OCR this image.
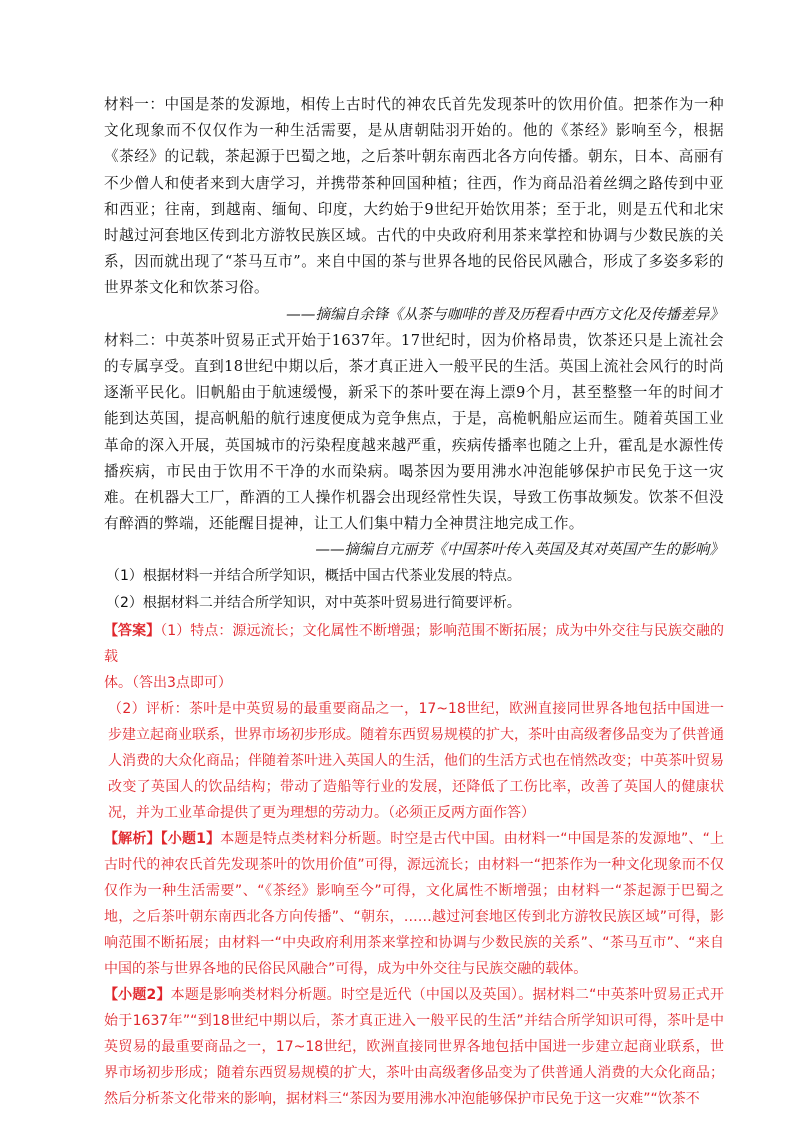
材料一：中国是茶的发源地，相传上古时代的神农氏首先发现茶叶的饮用价值。把茶作为一种文化现象而不仅仅作为一种生活需要，是从唐朝陆羽开始的。他的《茶经》影响至今，根据《茶经》的记载，茶起源于巴蜀之地，之后茶叶朝东南西北各方向传播。朝东，日本、高丽有不少僧人和使者来到大唐学习，并携带茶种回国种植；往西，作为商品沿着丝绸之路传到中亚和西亚；往南，到越南、缅甸、印度，大约始于9世纪开始饮用茶；至于北，则是五代和北宋时越过河套地区传到北方游牧民族区域。古代的中央政府利用茶来掌控和协调与少数民族的关系，因而就出现了“茶马互市”。来自中国的茶与世界各地的民俗民风融合，形成了多姿多彩的世界茶文化和饮茶习俗。

——摘编自余锋《从茶与咖啡的普及历程看中西方文化及传播差异》

材料二：中英茶叶贸易正式开始于1637年。17世纪时，因为价格昂贵，饮茶还只是上流社会的专属享受。直到18世纪中期以后，茶才真正进入一般平民的生活。英国上流社会风行的时尚逐渐平民化。旧帆船由于航速缓慢，新采下的茶叶要在海上漂9个月，甚至整整一年的时间才能到达英国，提高帆船的航行速度便成为竞争焦点，于是，高桅帆船应运而生。随着英国工业革命的深入开展，英国城市的污染程度越来越严重，疾病传播率也随之上升，霍乱是水源性传播疾病，市民由于饮用不干净的水而染病。喝茶因为要用沸水冲泡能够保护市民免于这一灾难。在机器大工厂，酢酒的工人操作机器会出现经常性失误，导致工伤事故频发。饮茶不但没有醉酒的弊端，还能醒目提神，让工人们集中精力全神贯注地完成工作。

——摘编自亢丽芳《中国茶叶传入英国及其对英国产生的影响》

（1）根据材料一并结合所学知识，概括中国古代茶业发展的特点。

（2）根据材料二并结合所学知识，对中英茶叶贸易进行简要评析。

【答案】（1）特点：源远流长；文化属性不断增强；影响范围不断拓展；成为中外交往与民族交融的载

体。（答出3点即可）

（2）评析：茶叶是中英贸易的最重要商品之一，17~18世纪，欧洲直接同世界各地包括中国进一步建立起商业联系，世界市场初步形成。随着东西贸易规模的扩大，茶叶由高级奢侈品变为了供普通人消费的大众化商品；伴随着茶叶进入英国人的生活，他们的生活方式也在悄然改变；中英茶叶贸易改变了英国人的饮品结构；带动了造船等行业的发展，还降低了工伤比率，改善了英国人的健康状况，并为工业革命提供了更为理想的劳动力。（必须正反两方面作答）

【解析】【小题1】本题是特点类材料分析题。时空是古代中国。由材料一“中国是茶的发源地”、“上古时代的神农氏首先发现茶叶的饮用价值”可得，源远流长；由材料一“把茶作为一种文化现象而不仅仅作为一种生活需要”、“《茶经》影响至今”可得，文化属性不断增强；由材料一“茶起源于巴蜀之地，之后茶叶朝东南西北各方向传播”、“朝东，……越过河套地区传到北方游牧民族区域”可得，影响范围不断拓展；由材料一“中央政府利用茶来掌控和协调与少数民族的关系”、“茶马互市”、“来自中国的茶与世界各地的民俗民风融合”可得，成为中外交往与民族交融的载体。

【小题2】本题是影响类材料分析题。时空是近代（中国以及英国）。据材料二“中英茶叶贸易正式开始于1637年”“到18世纪中期以后，茶才真正进入一般平民的生活”并结合所学知识可得，茶叶是中英贸易的最重要商品之一，17~18世纪，欧洲直接同世界各地包括中国进一步建立起商业联系，世界市场初步形成；随着东西贸易规模的扩大，茶叶由高级奢侈品变为了供普通人消费的大众化商品；然后分析茶文化带来的影响，据材料三“茶因为要用沸水冲泡能够保护市民免于这一灾难”“饮茶不
